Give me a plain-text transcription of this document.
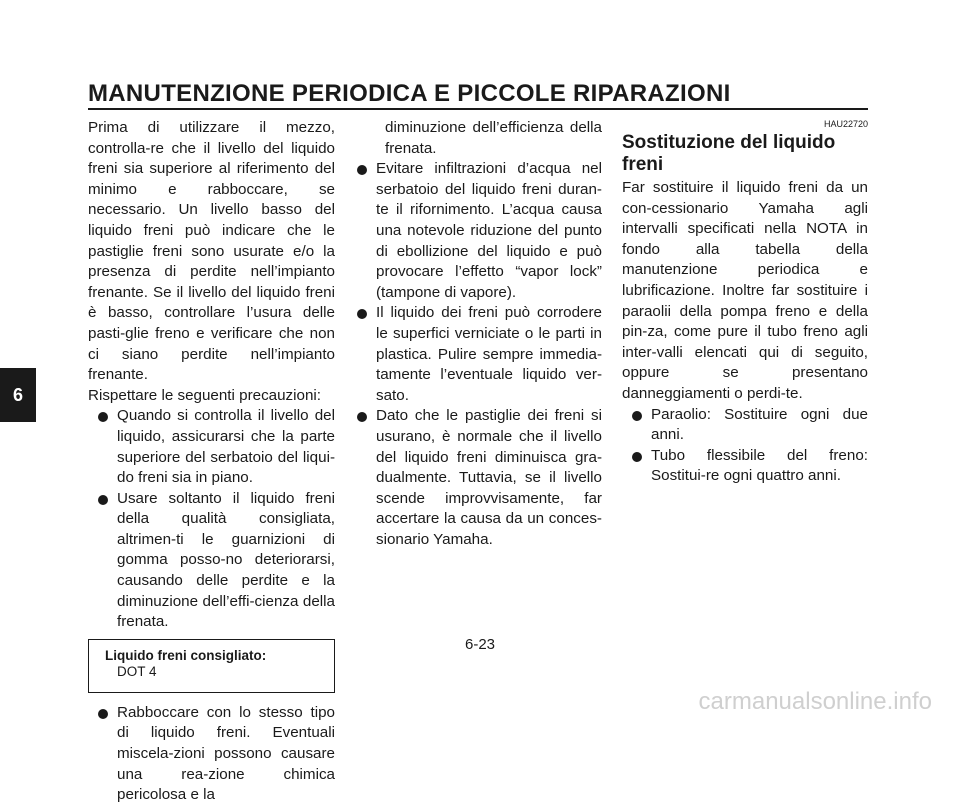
MANUTENZIONE PERIODICA E PICCOLE RIPARAZIONI
6

Prima di utilizzare il mezzo, controlla-re che il livello del liquido freni sia superiore al riferimento del minimo e rabboccare, se necessario. Un livello basso del liquido freni può indicare che le pastiglie freni sono usurate e/o la presenza di perdite nell’impianto frenante. Se il livello del liquido freni è basso, controllare l’usura delle pasti-glie freno e verificare che non ci siano perdite nell’impianto frenante.

Rispettare le seguenti precauzioni:

Quando si controlla il livello del liquido, assicurarsi che la parte superiore del serbatoio del liqui-do freni sia in piano.
Usare soltanto il liquido freni della qualità consigliata, altrimen-ti le guarnizioni di gomma posso-no deteriorarsi, causando delle perdite e la diminuzione dell’effi-cienza della frenata.
Liquido freni consigliato:
DOT 4
Rabboccare con lo stesso tipo di liquido freni. Eventuali miscela-zioni possono causare una rea-zione chimica pericolosa e la

diminuzione dell’efficienza della frenata.

Evitare infiltrazioni d’acqua nel serbatoio del liquido freni duran-te il rifornimento. L’acqua causa una notevole riduzione del punto di ebollizione del liquido e può provocare l’effetto “vapor lock” (tampone di vapore).
Il liquido dei freni può corrodere le superfici verniciate o le parti in plastica. Pulire sempre immedia-tamente l’eventuale liquido ver-sato.
Dato che le pastiglie dei freni si usurano, è normale che il livello del liquido freni diminuisca gra-dualmente. Tuttavia, se il livello scende improvvisamente, far accertare la causa da un conces-sionario Yamaha.
HAU22720
Sostituzione del liquido freni

Far sostituire il liquido freni da un con-cessionario Yamaha agli intervalli specificati nella NOTA in fondo alla tabella della manutenzione periodica e lubrificazione. Inoltre far sostituire i paraolii della pompa freno e della pin-za, come pure il tubo freno agli inter-valli elencati qui di seguito, oppure se presentano danneggiamenti o perdi-te.

Paraolio: Sostituire ogni due anni.
Tubo flessibile del freno: Sostitui-re ogni quattro anni.
6-23
carmanualsonline.info
